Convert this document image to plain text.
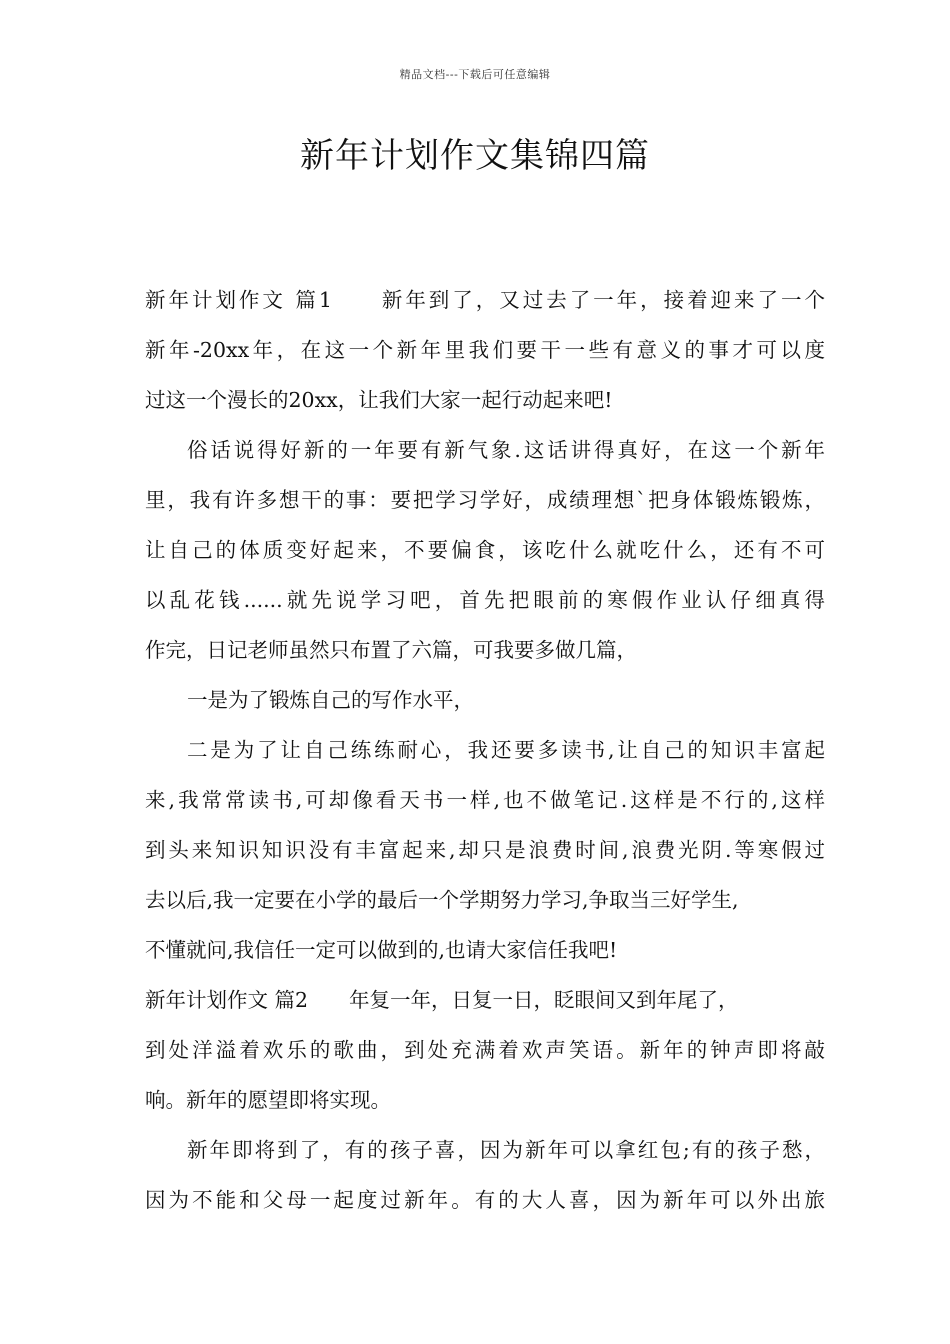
精品文档---下载后可任意编辑
新年计划作文集锦四篇
新年计划作文 篇1　　新年到了，又过去了一年，接着迎来了一个
新年-20xx年，在这一个新年里我们要干一些有意义的事才可以度
过这一个漫长的20xx，让我们大家一起行动起来吧!
俗话说得好新的一年要有新气象.这话讲得真好，在这一个新年
里，我有许多想干的事：要把学习学好，成绩理想`把身体锻炼锻炼，
让自己的体质变好起来，不要偏食，该吃什么就吃什么，还有不可
以乱花钱......就先说学习吧，首先把眼前的寒假作业认仔细真得
作完，日记老师虽然只布置了六篇，可我要多做几篇，
一是为了锻炼自己的写作水平，
二是为了让自己练练耐心，我还要多读书,让自己的知识丰富起
来,我常常读书,可却像看天书一样,也不做笔记.这样是不行的,这样
到头来知识知识没有丰富起来,却只是浪费时间,浪费光阴.等寒假过
去以后,我一定要在小学的最后一个学期努力学习,争取当三好学生,
不懂就问,我信任一定可以做到的,也请大家信任我吧!
新年计划作文 篇2　　年复一年，日复一日，眨眼间又到年尾了，
到处洋溢着欢乐的歌曲，到处充满着欢声笑语。新年的钟声即将敲
响。新年的愿望即将实现。
新年即将到了，有的孩子喜，因为新年可以拿红包;有的孩子愁，
因为不能和父母一起度过新年。有的大人喜，因为新年可以外出旅
